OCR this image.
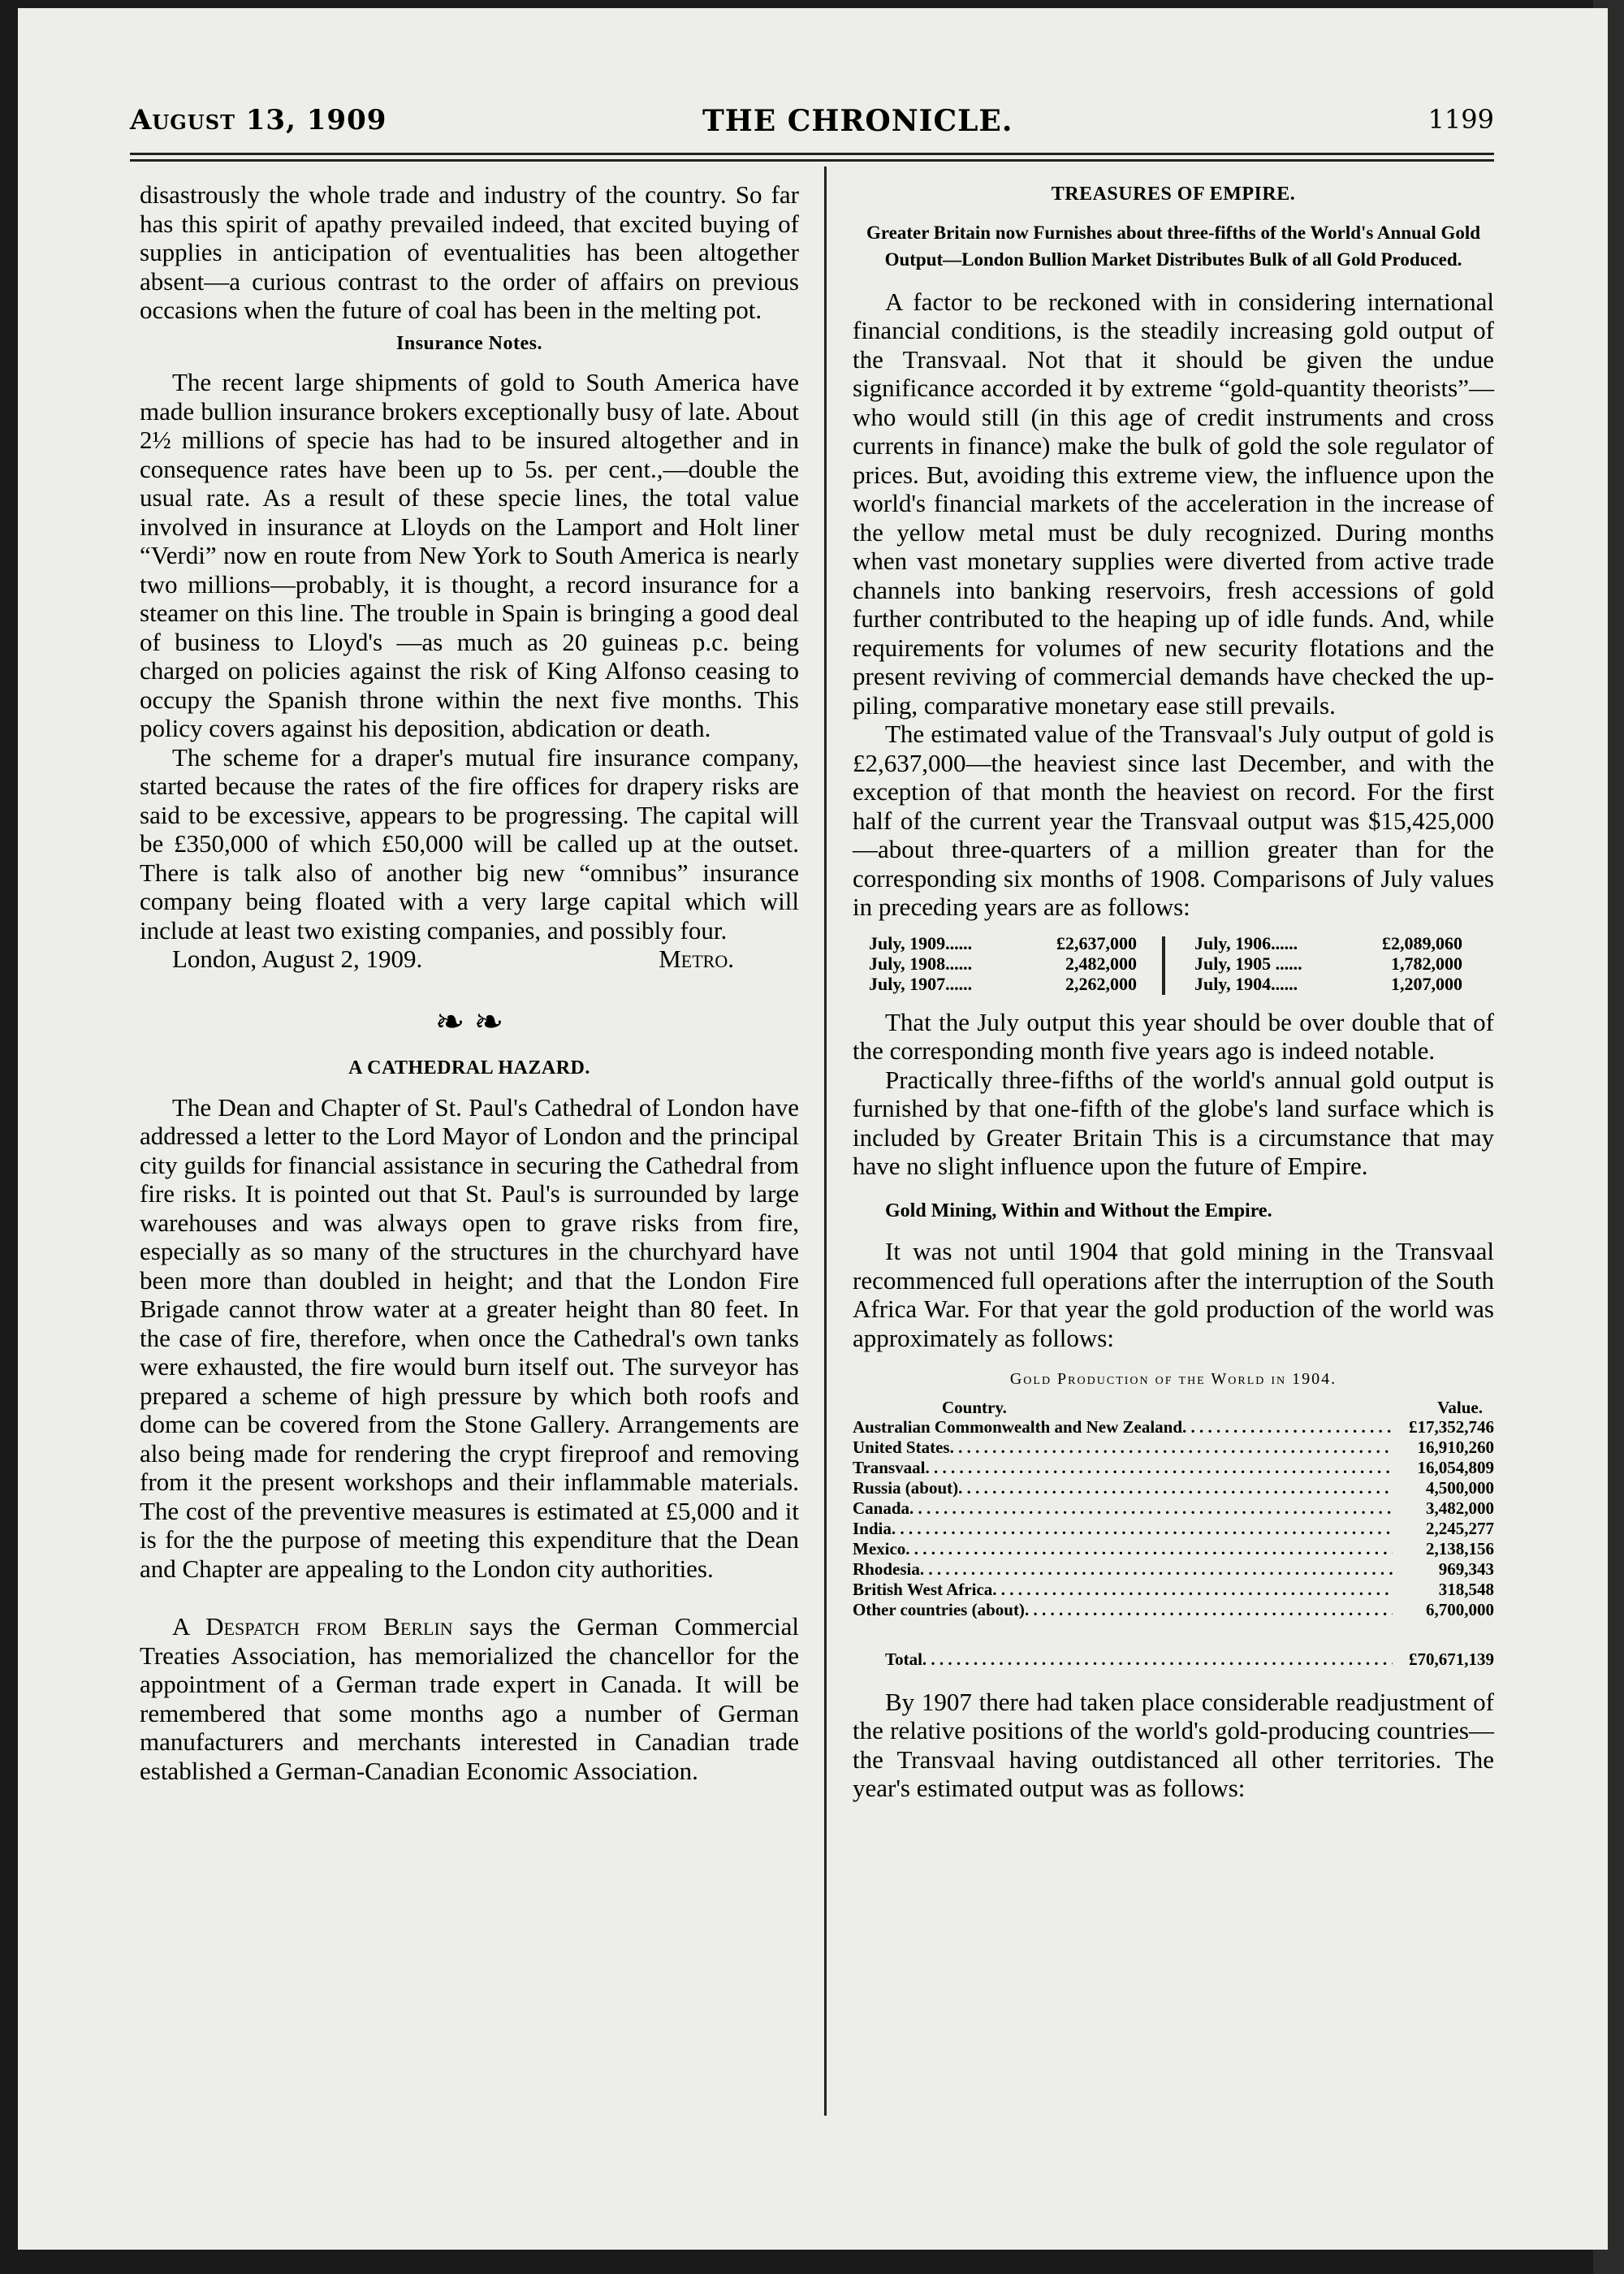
August 13, 1909	THE CHRONICLE.	1199

disastrously the whole trade and industry of the country. So far has this spirit of apathy prevailed indeed, that excited buying of supplies in anticipation of eventualities has been altogether absent—a curious contrast to the order of affairs on previous occasions when the future of coal has been in the melting pot.

Insurance Notes.

The recent large shipments of gold to South America have made bullion insurance brokers exceptionally busy of late. About 2½ millions of specie has had to be insured altogether and in consequence rates have been up to 5s. per cent.,—double the usual rate. As a result of these specie lines, the total value involved in insurance at Lloyds on the Lamport and Holt liner “Verdi” now en route from New York to South America is nearly two millions—probably, it is thought, a record insurance for a steamer on this line. The trouble in Spain is bringing a good deal of business to Lloyd's —as much as 20 guineas p.c. being charged on policies against the risk of King Alfonso ceasing to occupy the Spanish throne within the next five months. This policy covers against his deposition, abdication or death.

The scheme for a draper's mutual fire insurance company, started because the rates of the fire offices for drapery risks are said to be excessive, appears to be progressing. The capital will be £350,000 of which £50,000 will be called up at the outset. There is talk also of another big new “omnibus” insurance company being floated with a very large capital which will include at least two existing companies, and possibly four.

London, August 2, 1909.	Metro.
❧ ❧
A CATHEDRAL HAZARD.

The Dean and Chapter of St. Paul's Cathedral of London have addressed a letter to the Lord Mayor of London and the principal city guilds for financial assistance in securing the Cathedral from fire risks. It is pointed out that St. Paul's is surrounded by large warehouses and was always open to grave risks from fire, especially as so many of the structures in the churchyard have been more than doubled in height; and that the London Fire Brigade cannot throw water at a greater height than 80 feet. In the case of fire, therefore, when once the Cathedral's own tanks were exhausted, the fire would burn itself out. The surveyor has prepared a scheme of high pressure by which both roofs and dome can be covered from the Stone Gallery. Arrangements are also being made for rendering the crypt fireproof and removing from it the present workshops and their inflammable materials. The cost of the preventive measures is estimated at £5,000 and it is for the the purpose of meeting this expenditure that the Dean and Chapter are appealing to the London city authorities.

A Despatch from Berlin says the German Commercial Treaties Association, has memorialized the chancellor for the appointment of a German trade expert in Canada. It will be remembered that some months ago a number of German manufacturers and merchants interested in Canadian trade established a German-Canadian Economic Association.

TREASURES OF EMPIRE.
Greater Britain now Furnishes about three-fifths of the World's Annual Gold Output—London Bullion Market Distributes Bulk of all Gold Produced.

A factor to be reckoned with in considering international financial conditions, is the steadily increasing gold output of the Transvaal. Not that it should be given the undue significance accorded it by extreme “gold-quantity theorists”—who would still (in this age of credit instruments and cross currents in finance) make the bulk of gold the sole regulator of prices. But, avoiding this extreme view, the influence upon the world's financial markets of the acceleration in the increase of the yellow metal must be duly recognized. During months when vast monetary supplies were diverted from active trade channels into banking reservoirs, fresh accessions of gold further contributed to the heaping up of idle funds. And, while requirements for volumes of new security flotations and the present reviving of commercial demands have checked the up-piling, comparative monetary ease still prevails.

The estimated value of the Transvaal's July output of gold is £2,637,000—the heaviest since last December, and with the exception of that month the heaviest on record. For the first half of the current year the Transvaal output was $15,425,000—about three-quarters of a million greater than for the corresponding six months of 1908. Comparisons of July values in preceding years are as follows:

July, 1909......	£2,637,000
July, 1908......	2,482,000
July, 1907......	2,262,000
July, 1906......	£2,089,060
July, 1905 ......	1,782,000
July, 1904......	1,207,000

That the July output this year should be over double that of the corresponding month five years ago is indeed notable.

Practically three-fifths of the world's annual gold output is furnished by that one-fifth of the globe's land surface which is included by Greater Britain This is a circumstance that may have no slight influence upon the future of Empire.

Gold Mining, Within and Without the Empire.

It was not until 1904 that gold mining in the Transvaal recommenced full operations after the interruption of the South Africa War. For that year the gold production of the world was approximately as follows:

Gold Production of the World in 1904.
Country.	Value.
Australian Commonwealth and New Zealand . . .	£17,352,746
United States . . .	16,910,260
Transvaal . . .	16,054,809
Russia (about) . . .	4,500,000
Canada . . .	3,482,000
India . . .	2,245,277
Mexico . . .	2,138,156
Rhodesia . . .	969,343
British West Africa . . .	318,548
Other countries (about) . . .	6,700,000
Total . . .	£70,671,139

By 1907 there had taken place considerable readjustment of the relative positions of the world's gold-producing countries—the Transvaal having outdistanced all other territories. The year's estimated output was as follows:
